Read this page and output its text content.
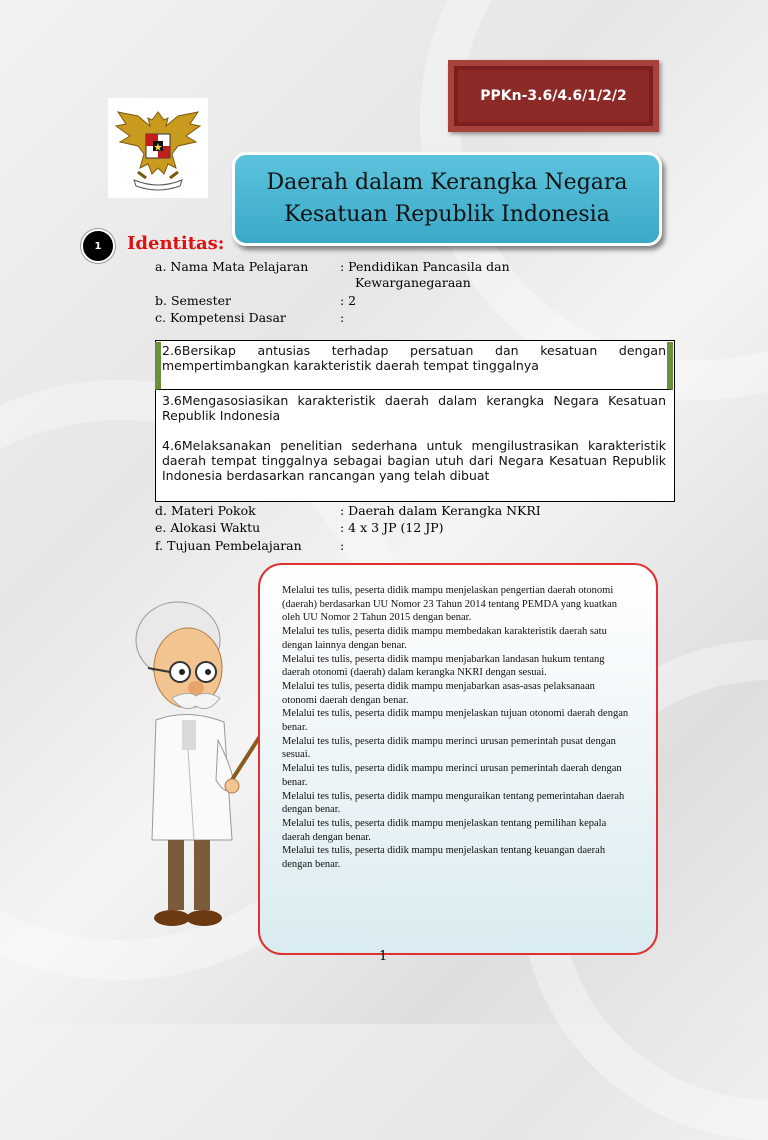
PPKn-3.6/4.6/1/2/2
Daerah dalam Kerangka Negara
Kesatuan Republik Indonesia
1 Identitas:
a. Nama Mata Pelajaran	: Pendidikan Pancasila dan
Kewarganegaraan
b. Semester	: 2
c. Kompetensi Dasar	:
2.6Bersikap antusias terhadap persatuan dan kesatuan dengan mempertimbangkan karakteristik daerah tempat tinggalnya
3.6Mengasosiasikan karakteristik daerah dalam kerangka Negara Kesatuan Republik Indonesia
4.6Melaksanakan penelitian sederhana untuk mengilustrasikan karakteristik daerah tempat tinggalnya sebagai bagian utuh dari Negara Kesatuan Republik Indonesia berdasarkan rancangan yang telah dibuat
d. Materi Pokok	: Daerah dalam Kerangka NKRI
e. Alokasi Waktu	: 4 x 3 JP (12 JP)
f. Tujuan Pembelajaran	:

Melalui tes tulis, peserta didik mampu menjelaskan pengertian daerah otonomi (daerah) berdasarkan UU Nomor 23 Tahun 2014 tentang PEMDA yang kuatkan oleh UU Nomor 2 Tahun 2015 dengan benar.

Melalui tes tulis, peserta didik mampu membedakan karakteristik daerah satu dengan lainnya dengan benar.

Melalui tes tulis, peserta didik mampu menjabarkan landasan hukum tentang daerah otonomi (daerah) dalam kerangka NKRI dengan sesuai.

Melalui tes tulis, peserta didik mampu menjabarkan asas-asas pelaksanaan otonomi daerah dengan benar.

Melalui tes tulis, peserta didik mampu menjelaskan tujuan otonomi daerah dengan benar.

Melalui tes tulis, peserta didik mampu merinci urusan pemerintah pusat dengan sesuai.

Melalui tes tulis, peserta didik mampu merinci urusan pemerintah daerah dengan benar.

Melalui tes tulis, peserta didik mampu menguraikan tentang pemerintahan daerah dengan benar.

Melalui tes tulis, peserta didik mampu menjelaskan tentang pemilihan kepala daerah dengan benar.

Melalui tes tulis, peserta didik mampu menjelaskan tentang keuangan daerah dengan benar.

1
